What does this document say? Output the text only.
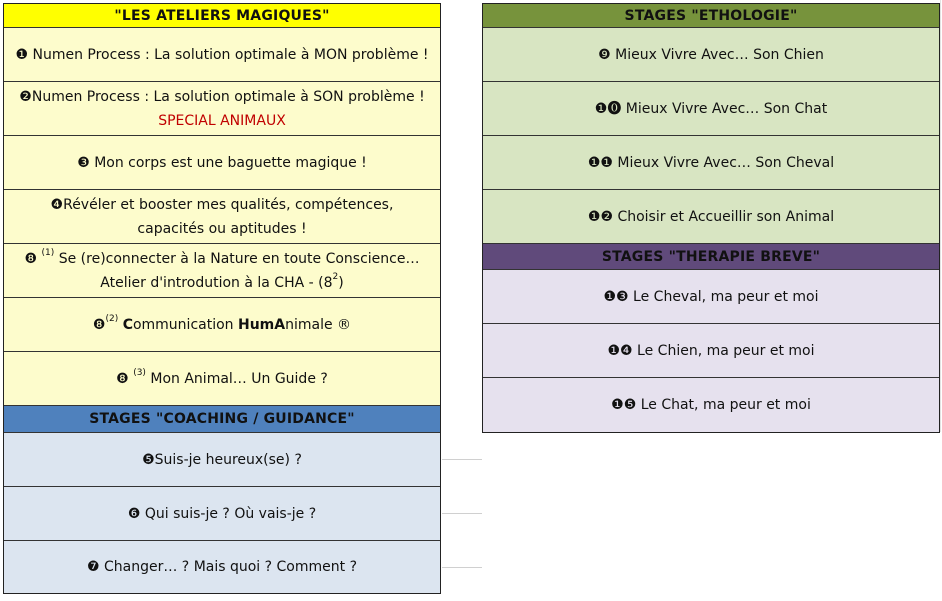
"LES ATELIERS MAGIQUES"
❶ Numen Process : La solution optimale à MON problème !
❷Numen Process : La solution optimale à SON problème !
SPECIAL ANIMAUX
❸ Mon corps est une baguette magique !
❹Révéler et booster mes qualités, compétences,
capacités ou aptitudes !
❽ $^{(1)}$ Se (re)connecter à la Nature en toute Conscience…
Atelier d'introdution à la CHA - $(8^2)$
❽$^{(2)}$ Communication HumAnimale ®
❽ $^{(3)}$ Mon Animal… Un Guide ?
STAGES "COACHING / GUIDANCE"
❺Suis-je heureux(se) ?
❻ Qui suis-je ? Où vais-je ?
❼ Changer… ? Mais quoi ? Comment ?
STAGES "ETHOLOGIE"
❾ Mieux Vivre Avec… Son Chien
❶⓿ Mieux Vivre Avec… Son Chat
❶❶ Mieux Vivre Avec… Son Cheval
❶❷ Choisir et Accueillir son Animal
STAGES "THERAPIE BREVE"
❶❸ Le Cheval, ma peur et moi
❶❹ Le Chien, ma peur et moi
❶❺ Le Chat, ma peur et moi
